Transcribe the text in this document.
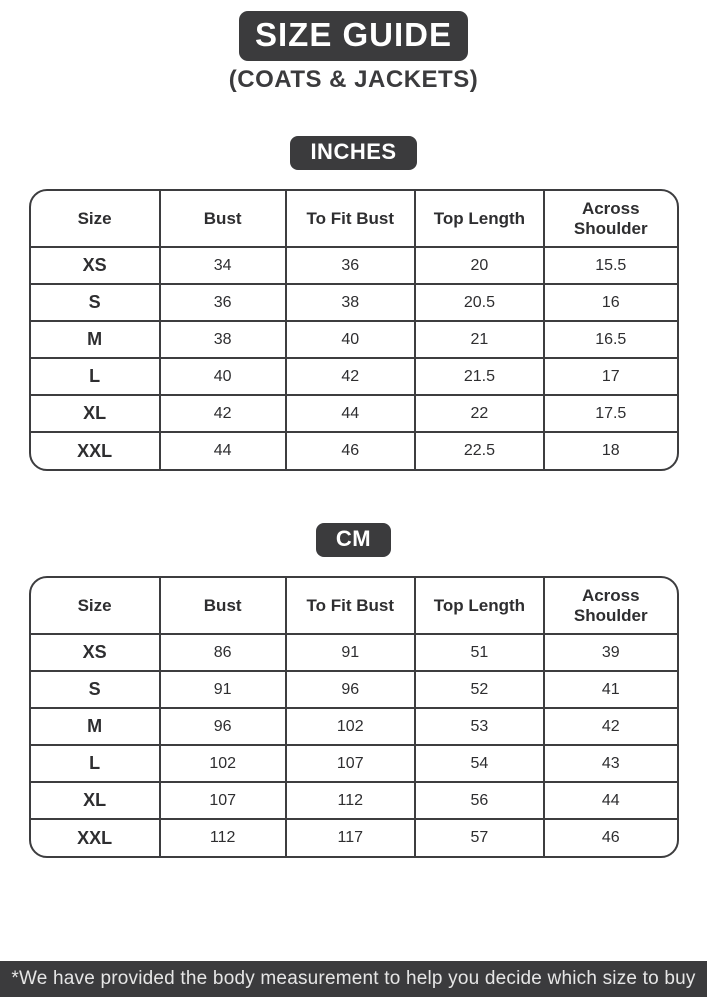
SIZE GUIDE
(COATS & JACKETS)
INCHES
Size	Bust	To Fit Bust	Top Length	Across Shoulder
XS	34	36	20	15.5
S	36	38	20.5	16
M	38	40	21	16.5
L	40	42	21.5	17
XL	42	44	22	17.5
XXL	44	46	22.5	18
CM
Size	Bust	To Fit Bust	Top Length	Across Shoulder
XS	86	91	51	39
S	91	96	52	41
M	96	102	53	42
L	102	107	54	43
XL	107	112	56	44
XXL	112	117	57	46
*We have provided the body measurement to help you decide which size to buy
